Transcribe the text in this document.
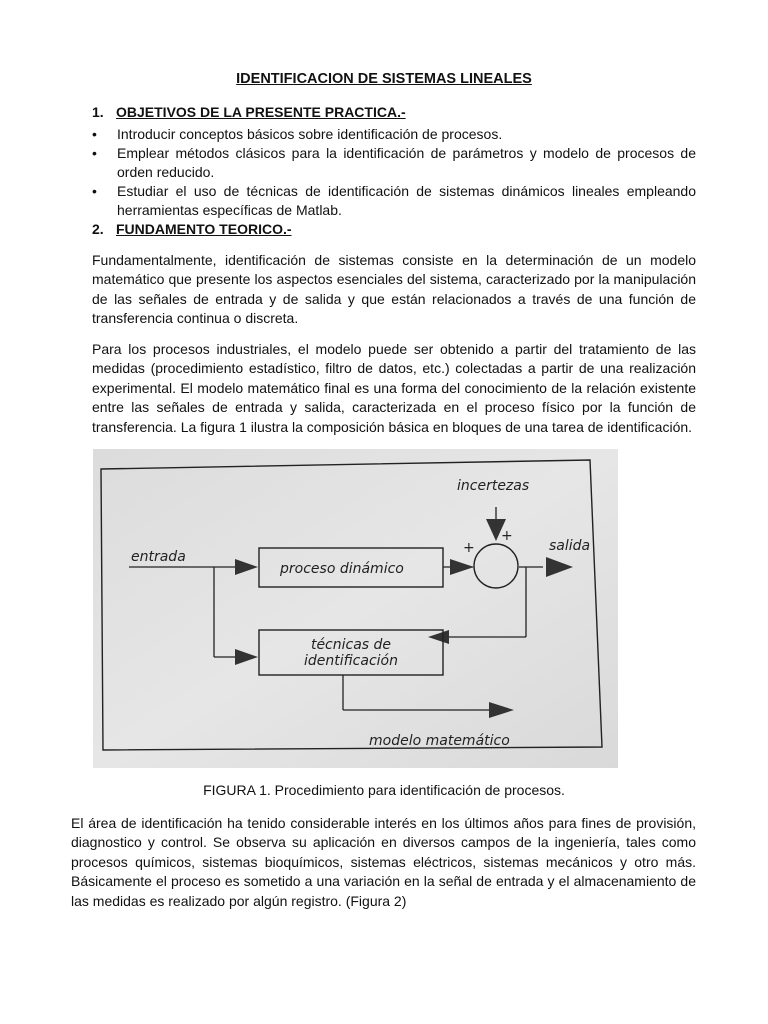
IDENTIFICACION DE SISTEMAS LINEALES
1. OBJETIVOS DE LA PRESENTE PRACTICA.-
• Introducir conceptos básicos sobre identificación de procesos.
• Emplear métodos clásicos para la identificación de parámetros y modelo de procesos de orden reducido.
• Estudiar el uso de técnicas de identificación de sistemas dinámicos lineales empleando herramientas específicas de Matlab.
2. FUNDAMENTO TEORICO.-

Fundamentalmente, identificación de sistemas consiste en la determinación de un modelo matemático que presente los aspectos esenciales del sistema, caracterizado por la manipulación de las señales de entrada y de salida y que están relacionados a través de una función de transferencia continua o discreta.

Para los procesos industriales, el modelo puede ser obtenido a partir del tratamiento de las medidas (procedimiento estadístico, filtro de datos, etc.) colectadas a partir de una realización experimental. El modelo matemático final es una forma del conocimiento de la relación existente entre las señales de entrada y salida, caracterizada en el proceso físico por la función de transferencia. La figura 1 ilustra la composición básica en bloques de una tarea de identificación.

entrada
proceso dinámico
técnicas de
identificación
incertezas
salida
modelo matemático
+
+

FIGURA 1. Procedimiento para identificación de procesos.

El área de identificación ha tenido considerable interés en los últimos años para fines de provisión, diagnostico y control. Se observa su aplicación en diversos campos de la ingeniería, tales como procesos químicos, sistemas bioquímicos, sistemas eléctricos, sistemas mecánicos y otro más. Básicamente el proceso es sometido a una variación en la señal de entrada y el almacenamiento de las medidas es realizado por algún registro. (Figura 2)
